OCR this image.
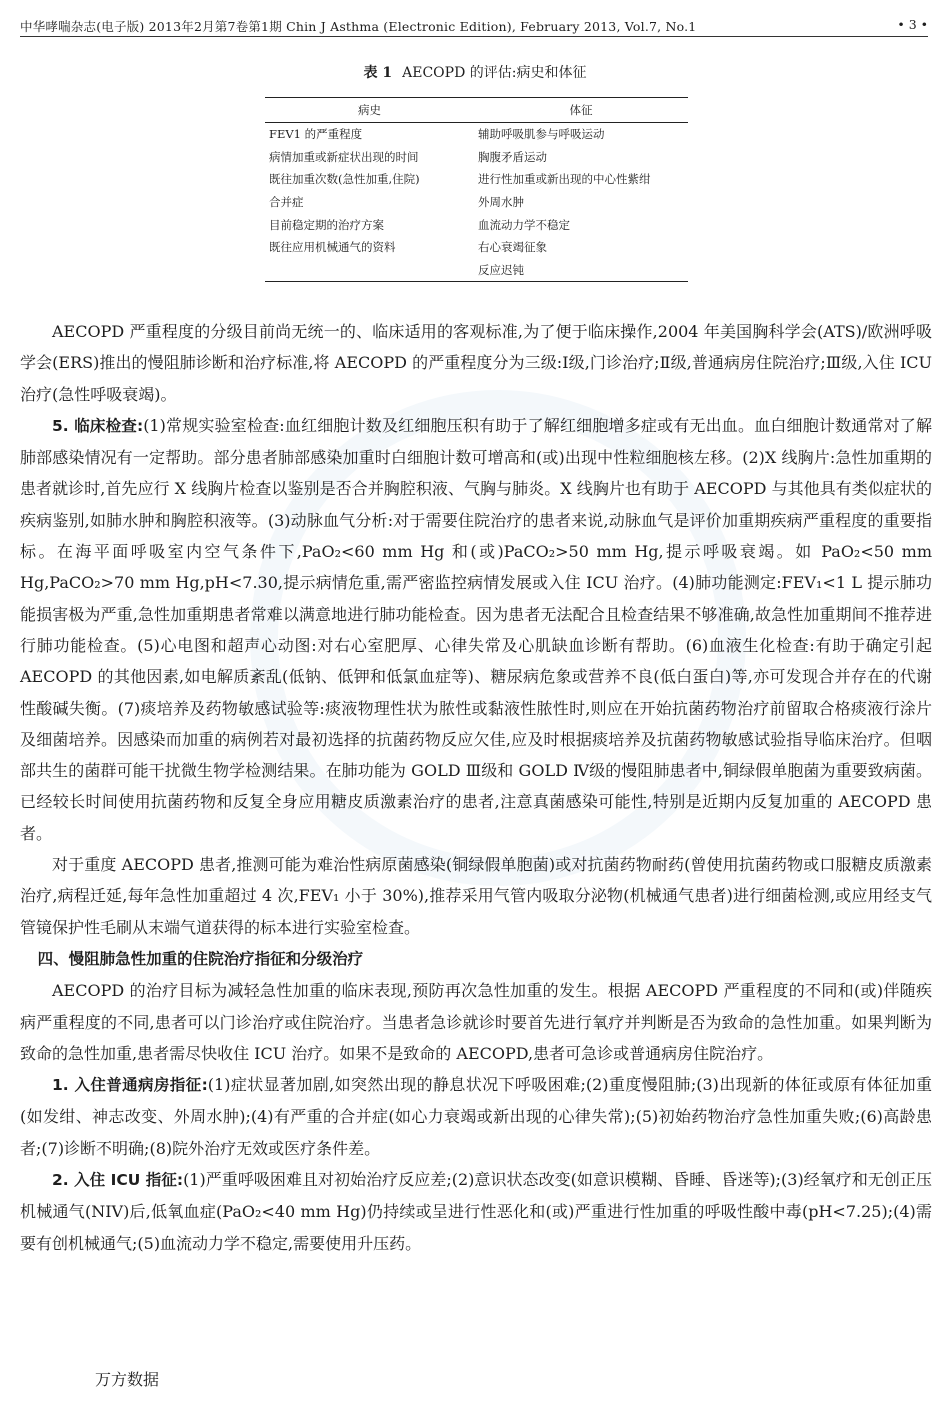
中华哮喘杂志(电子版) 2013年2月第7卷第1期 Chin J Asthma (Electronic Edition), February 2013, Vol.7, No.1	• 3 •
表 1 AECOPD 的评估:病史和体征
病史	体征
FEV1 的严重程度	辅助呼吸肌参与呼吸运动
病情加重或新症状出现的时间	胸腹矛盾运动
既往加重次数(急性加重,住院)	进行性加重或新出现的中心性紫绀
合并症	外周水肿
目前稳定期的治疗方案	血流动力学不稳定
既往应用机械通气的资料	右心衰竭征象
	反应迟钝

AECOPD 严重程度的分级目前尚无统一的、临床适用的客观标准,为了便于临床操作,2004 年美国胸科学会(ATS)/欧洲呼吸学会(ERS)推出的慢阻肺诊断和治疗标准,将 AECOPD 的严重程度分为三级:Ⅰ级,门诊治疗;Ⅱ级,普通病房住院治疗;Ⅲ级,入住 ICU 治疗(急性呼吸衰竭)。

5. 临床检查:(1)常规实验室检查:血红细胞计数及红细胞压积有助于了解红细胞增多症或有无出血。血白细胞计数通常对了解肺部感染情况有一定帮助。部分患者肺部感染加重时白细胞计数可增高和(或)出现中性粒细胞核左移。(2)X 线胸片:急性加重期的患者就诊时,首先应行 X 线胸片检查以鉴别是否合并胸腔积液、气胸与肺炎。X 线胸片也有助于 AECOPD 与其他具有类似症状的疾病鉴别,如肺水肿和胸腔积液等。(3)动脉血气分析:对于需要住院治疗的患者来说,动脉血气是评价加重期疾病严重程度的重要指标。在海平面呼吸室内空气条件下,PaO₂<60 mm Hg 和(或)PaCO₂>50 mm Hg,提示呼吸衰竭。如 PaO₂<50 mm Hg,PaCO₂>70 mm Hg,pH<7.30,提示病情危重,需严密监控病情发展或入住 ICU 治疗。(4)肺功能测定:FEV₁<1 L 提示肺功能损害极为严重,急性加重期患者常难以满意地进行肺功能检查。因为患者无法配合且检查结果不够准确,故急性加重期间不推荐进行肺功能检查。(5)心电图和超声心动图:对右心室肥厚、心律失常及心肌缺血诊断有帮助。(6)血液生化检查:有助于确定引起 AECOPD 的其他因素,如电解质紊乱(低钠、低钾和低氯血症等)、糖尿病危象或营养不良(低白蛋白)等,亦可发现合并存在的代谢性酸碱失衡。(7)痰培养及药物敏感试验等:痰液物理性状为脓性或黏液性脓性时,则应在开始抗菌药物治疗前留取合格痰液行涂片及细菌培养。因感染而加重的病例若对最初选择的抗菌药物反应欠佳,应及时根据痰培养及抗菌药物敏感试验指导临床治疗。但咽部共生的菌群可能干扰微生物学检测结果。在肺功能为 GOLD Ⅲ级和 GOLD Ⅳ级的慢阻肺患者中,铜绿假单胞菌为重要致病菌。已经较长时间使用抗菌药物和反复全身应用糖皮质激素治疗的患者,注意真菌感染可能性,特别是近期内反复加重的 AECOPD 患者。

对于重度 AECOPD 患者,推测可能为难治性病原菌感染(铜绿假单胞菌)或对抗菌药物耐药(曾使用抗菌药物或口服糖皮质激素治疗,病程迁延,每年急性加重超过 4 次,FEV₁ 小于 30%),推荐采用气管内吸取分泌物(机械通气患者)进行细菌检测,或应用经支气管镜保护性毛刷从末端气道获得的标本进行实验室检查。

四、慢阻肺急性加重的住院治疗指征和分级治疗

AECOPD 的治疗目标为减轻急性加重的临床表现,预防再次急性加重的发生。根据 AECOPD 严重程度的不同和(或)伴随疾病严重程度的不同,患者可以门诊治疗或住院治疗。当患者急诊就诊时要首先进行氧疗并判断是否为致命的急性加重。如果判断为致命的急性加重,患者需尽快收住 ICU 治疗。如果不是致命的 AECOPD,患者可急诊或普通病房住院治疗。

1. 入住普通病房指征:(1)症状显著加剧,如突然出现的静息状况下呼吸困难;(2)重度慢阻肺;(3)出现新的体征或原有体征加重(如发绀、神志改变、外周水肿);(4)有严重的合并症(如心力衰竭或新出现的心律失常);(5)初始药物治疗急性加重失败;(6)高龄患者;(7)诊断不明确;(8)院外治疗无效或医疗条件差。

2. 入住 ICU 指征:(1)严重呼吸困难且对初始治疗反应差;(2)意识状态改变(如意识模糊、昏睡、昏迷等);(3)经氧疗和无创正压机械通气(NIV)后,低氧血症(PaO₂<40 mm Hg)仍持续或呈进行性恶化和(或)严重进行性加重的呼吸性酸中毒(pH<7.25);(4)需要有创机械通气;(5)血流动力学不稳定,需要使用升压药。

万方数据
